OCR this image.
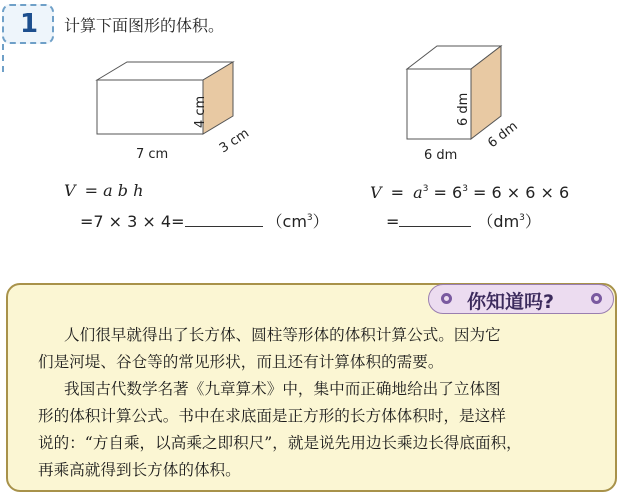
1	计算下面图形的体积。
7 cm
4 cm
3 cm	6 dm
6 dm
6 dm
V = a b h
=7 × 3 × 4=	$(cm^3)$
$V = a^3 = 6^3 = 6 \times 6 \times 6$
=	$(dm^3)$
你知道吗?
人们很早就得出了长方体、圆柱等形体的体积计算公式。因为它
们是河堤、谷仓等的常见形状，而且还有计算体积的需要。
我国古代数学名著《九章算术》中，集中而正确地给出了立体图
形的体积计算公式。书中在求底面是正方形的长方体体积时，是这样
说的：“方自乘，以高乘之即积尺”，就是说先用边长乘边长得底面积，
再乘高就得到长方体的体积。
